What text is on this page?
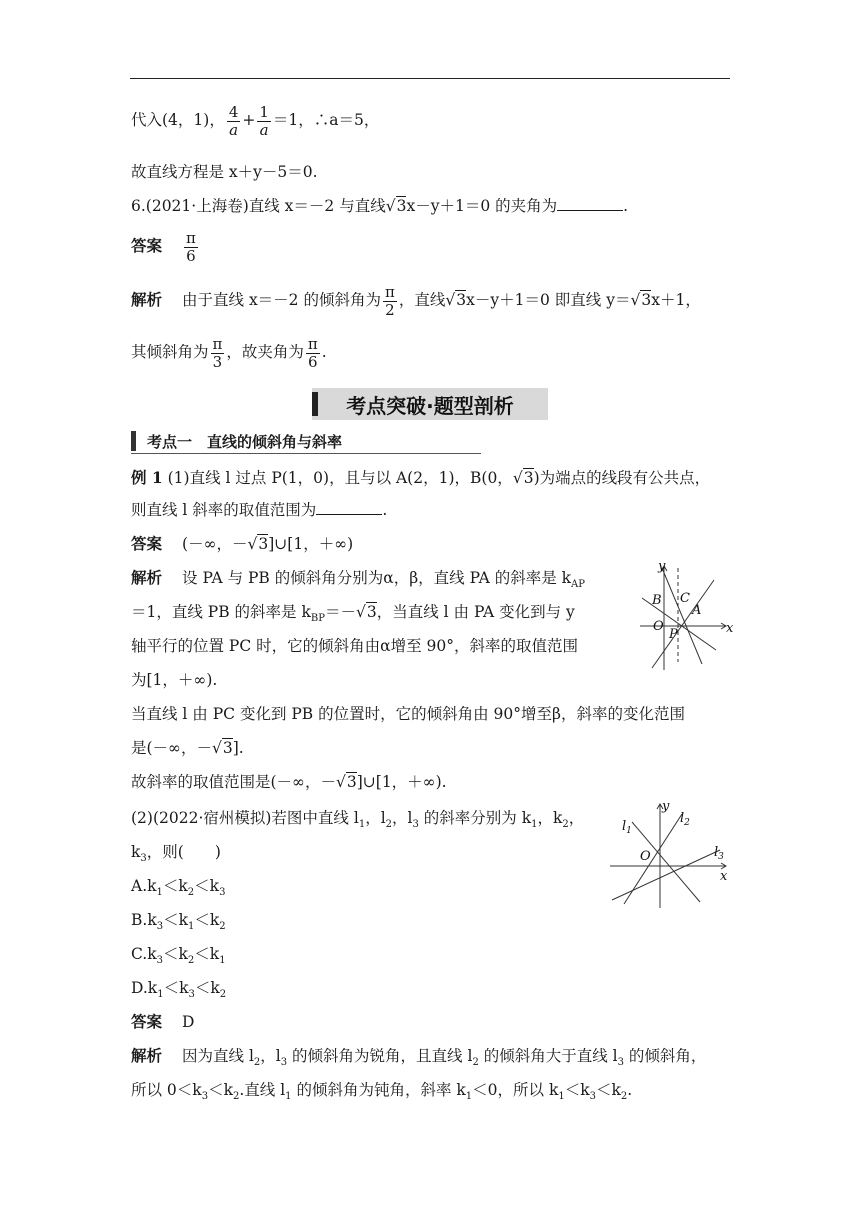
代入(4，1)， $\frac{4}{a} + \frac{1}{a} =1$，∴a＝5，
故直线方程是 x＋y－5＝0.
6.(2021·上海卷)直线 x＝－2 与直线√3x－y＋1＝0 的夹角为	.
答案 $\frac{\pi}{6}$
解析 由于直线 x＝－2 的倾斜角为 $\frac{\pi}{2}$ ，直线√3x－y＋1＝0 即直线 y＝√3x＋1，
其倾斜角为 $\frac{\pi}{3}$ ，故夹角为 $\frac{\pi}{6}$ .
考点突破·题型剖析
考点一　直线的倾斜角与斜率
例 1 (1)直线 l 过点 P(1，0)，且与以 A(2，1)，B(0，√3)为端点的线段有公共点，
则直线 l 斜率的取值范围为	.
答案 (－∞，－√3]∪[1，＋∞)
解析 设 PA 与 PB 的倾斜角分别为α，β，直线 PA 的斜率是 $k_{AP}$
＝1，直线 PB 的斜率是 $k_{BP}=-√3$，当直线 l 由 PA 变化到与 y
轴平行的位置 PC 时，它的倾斜角由α增至 90°，斜率的取值范围
为[1，＋∞).
当直线 l 由 PC 变化到 PB 的位置时，它的倾斜角由 90°增至β，斜率的变化范围
是(－∞，－√3].
故斜率的取值范围是(－∞，－√3]∪[1，＋∞).
y
x
B C
A
O
P
(2)(2022·宿州模拟)若图中直线 $l_1$，$l_2$，$l_3$ 的斜率分别为 $k_1$，$k_2$，
$k_3$，则(　　)
$A.k_1<k_2<k_3$
$B.k_3<k_1<k_2$
$C.k_3<k_2<k_1$
$D.k_1<k_3<k_2$
y
x
O
$l_1$
$l_2$
$l_3$
答案 D
解析 因为直线 $l_2$，$l_3$ 的倾斜角为锐角，且直线 $l_2$ 的倾斜角大于直线 $l_3$ 的倾斜角，
所以 $0<k_3<k_2$.直线 $l_1$ 的倾斜角为钝角，斜率 $k_1<0$，所以 $k_1<k_3<k_2$.
